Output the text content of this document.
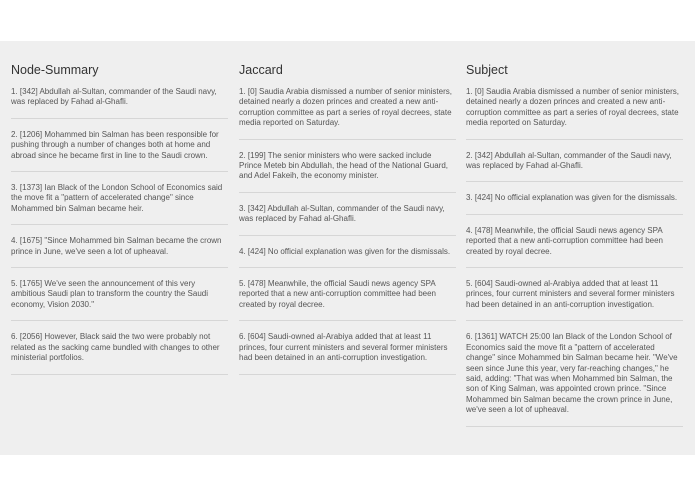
Node-Summary
1. [342] Abdullah al-Sultan, commander of the Saudi navy, was replaced by Fahad al-Ghafli.
2. [1206] Mohammed bin Salman has been responsible for pushing through a number of changes both at home and abroad since he became first in line to the Saudi crown.
3. [1373] Ian Black of the London School of Economics said the move fit a "pattern of accelerated change" since Mohammed bin Salman became heir.
4. [1675] "Since Mohammed bin Salman became the crown prince in June, we've seen a lot of upheaval.
5. [1765] We've seen the announcement of this very ambitious Saudi plan to transform the country the Saudi economy, Vision 2030."
6. [2056] However, Black said the two were probably not related as the sacking came bundled with changes to other ministerial portfolios.
Jaccard
1. [0] Saudia Arabia dismissed a number of senior ministers, detained nearly a dozen princes and created a new anti-corruption committee as part a series of royal decrees, state media reported on Saturday.
2. [199] The senior ministers who were sacked include Prince Meteb bin Abdullah, the head of the National Guard, and Adel Fakeih, the economy minister.
3. [342] Abdullah al-Sultan, commander of the Saudi navy, was replaced by Fahad al-Ghafli.
4. [424] No official explanation was given for the dismissals.
5. [478] Meanwhile, the official Saudi news agency SPA reported that a new anti-corruption committee had been created by royal decree.
6. [604] Saudi-owned al-Arabiya added that at least 11 princes, four current ministers and several former ministers had been detained in an anti-corruption investigation.
Subject
1. [0] Saudia Arabia dismissed a number of senior ministers, detained nearly a dozen princes and created a new anti-corruption committee as part a series of royal decrees, state media reported on Saturday.
2. [342] Abdullah al-Sultan, commander of the Saudi navy, was replaced by Fahad al-Ghafli.
3. [424] No official explanation was given for the dismissals.
4. [478] Meanwhile, the official Saudi news agency SPA reported that a new anti-corruption committee had been created by royal decree.
5. [604] Saudi-owned al-Arabiya added that at least 11 princes, four current ministers and several former ministers had been detained in an anti-corruption investigation.
6. [1361] WATCH 25:00 Ian Black of the London School of Economics said the move fit a "pattern of accelerated change" since Mohammed bin Salman became heir. "We've seen since June this year, very far-reaching changes," he said, adding: "That was when Mohammed bin Salman, the son of King Salman, was appointed crown prince. "Since Mohammed bin Salman became the crown prince in June, we've seen a lot of upheaval.
